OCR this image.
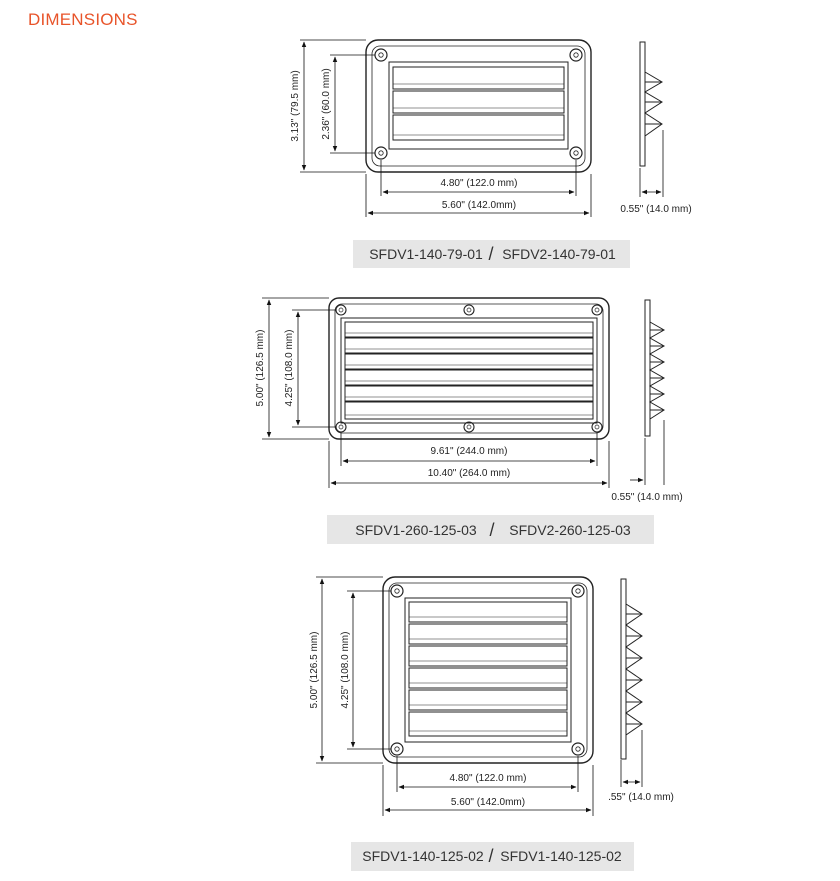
DIMENSIONS
3.13" (79.5 mm) 2.36" (60.0 mm)
4.80" (122.0 mm)
5.60" (142.0mm)	0.55" (14.0 mm)
SFDV1-140-79-01 / SFDV2-140-79-01
5.00" (126.5 mm) 4.25" (108.0 mm)
9.61" (244.0 mm)
10.40" (264.0 mm)
0.55" (14.0 mm)
SFDV1-260-125-03 / SFDV2-260-125-03
5.00" (126.5 mm) 4.25" (108.0 mm)
4.80" (122.0 mm)
5.60" (142.0mm)	.55" (14.0 mm)
SFDV1-140-125-02 / SFDV1-140-125-02
